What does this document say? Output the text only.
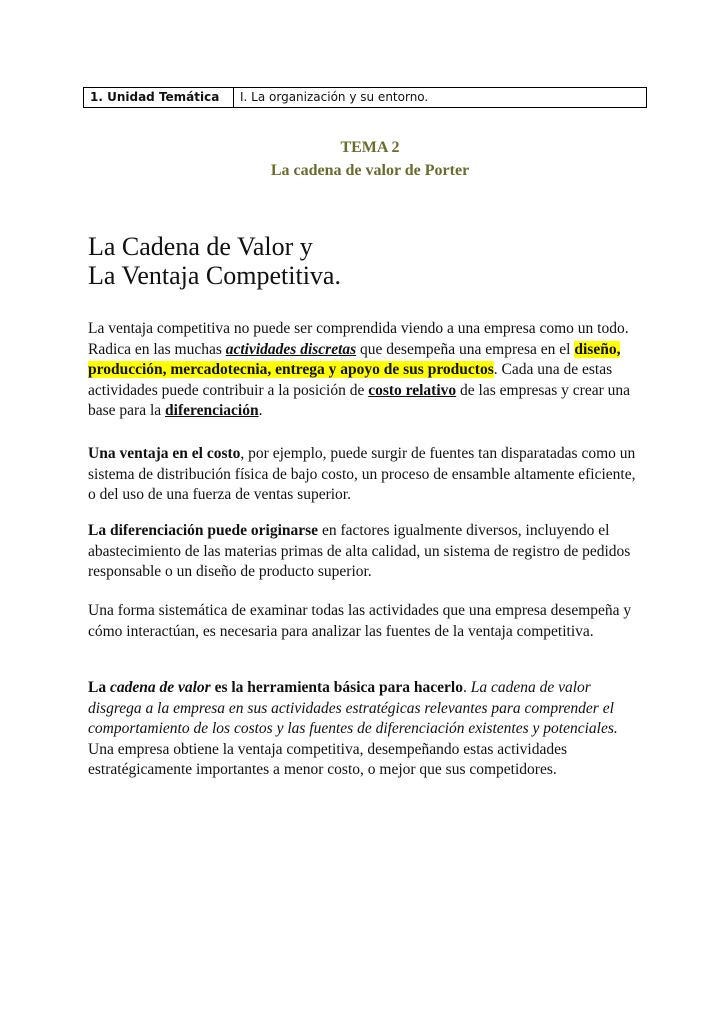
1. Unidad Temática	I. La organización y su entorno.
TEMA 2
La cadena de valor de Porter
La Cadena de Valor y
La Ventaja Competitiva.

La ventaja competitiva no puede ser comprendida viendo a una empresa como un todo. Radica en las muchas actividades discretas que desempeña una empresa en el diseño, producción, mercadotecnia, entrega y apoyo de sus productos. Cada una de estas actividades puede contribuir a la posición de costo relativo de las empresas y crear una base para la diferenciación.

Una ventaja en el costo, por ejemplo, puede surgir de fuentes tan disparatadas como un sistema de distribución física de bajo costo, un proceso de ensamble altamente eficiente, o del uso de una fuerza de ventas superior.

La diferenciación puede originarse en factores igualmente diversos, incluyendo el abastecimiento de las materias primas de alta calidad, un sistema de registro de pedidos responsable o un diseño de producto superior.

Una forma sistemática de examinar todas las actividades que una empresa desempeña y cómo interactúan, es necesaria para analizar las fuentes de la ventaja competitiva.

La cadena de valor es la herramienta básica para hacerlo. La cadena de valor disgrega a la empresa en sus actividades estratégicas relevantes para comprender el comportamiento de los costos y las fuentes de diferenciación existentes y potenciales.
Una empresa obtiene la ventaja competitiva, desempeñando estas actividades estratégicamente importantes a menor costo, o mejor que sus competidores.
